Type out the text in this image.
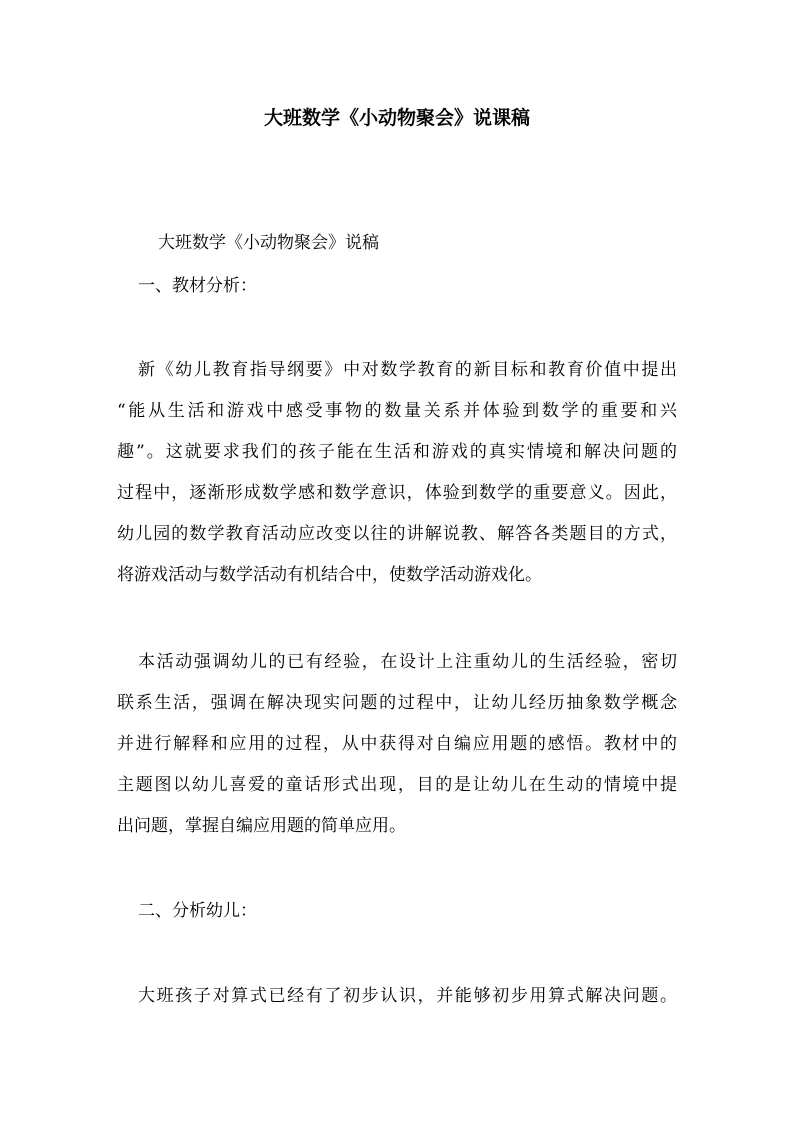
大班数学《小动物聚会》说课稿
大班数学《小动物聚会》说稿
一、教材分析：
新《幼儿教育指导纲要》中对数学教育的新目标和教育价值中提出
“能从生活和游戏中感受事物的数量关系并体验到数学的重要和兴
趣”。这就要求我们的孩子能在生活和游戏的真实情境和解决问题的
过程中，逐渐形成数学感和数学意识，体验到数学的重要意义。因此，
幼儿园的数学教育活动应改变以往的讲解说教、解答各类题目的方式，
将游戏活动与数学活动有机结合中，使数学活动游戏化。
本活动强调幼儿的已有经验，在设计上注重幼儿的生活经验，密切
联系生活，强调在解决现实问题的过程中，让幼儿经历抽象数学概念
并进行解释和应用的过程，从中获得对自编应用题的感悟。教材中的
主题图以幼儿喜爱的童话形式出现，目的是让幼儿在生动的情境中提
出问题，掌握自编应用题的简单应用。
二、分析幼儿：
大班孩子对算式已经有了初步认识，并能够初步用算式解决问题。
